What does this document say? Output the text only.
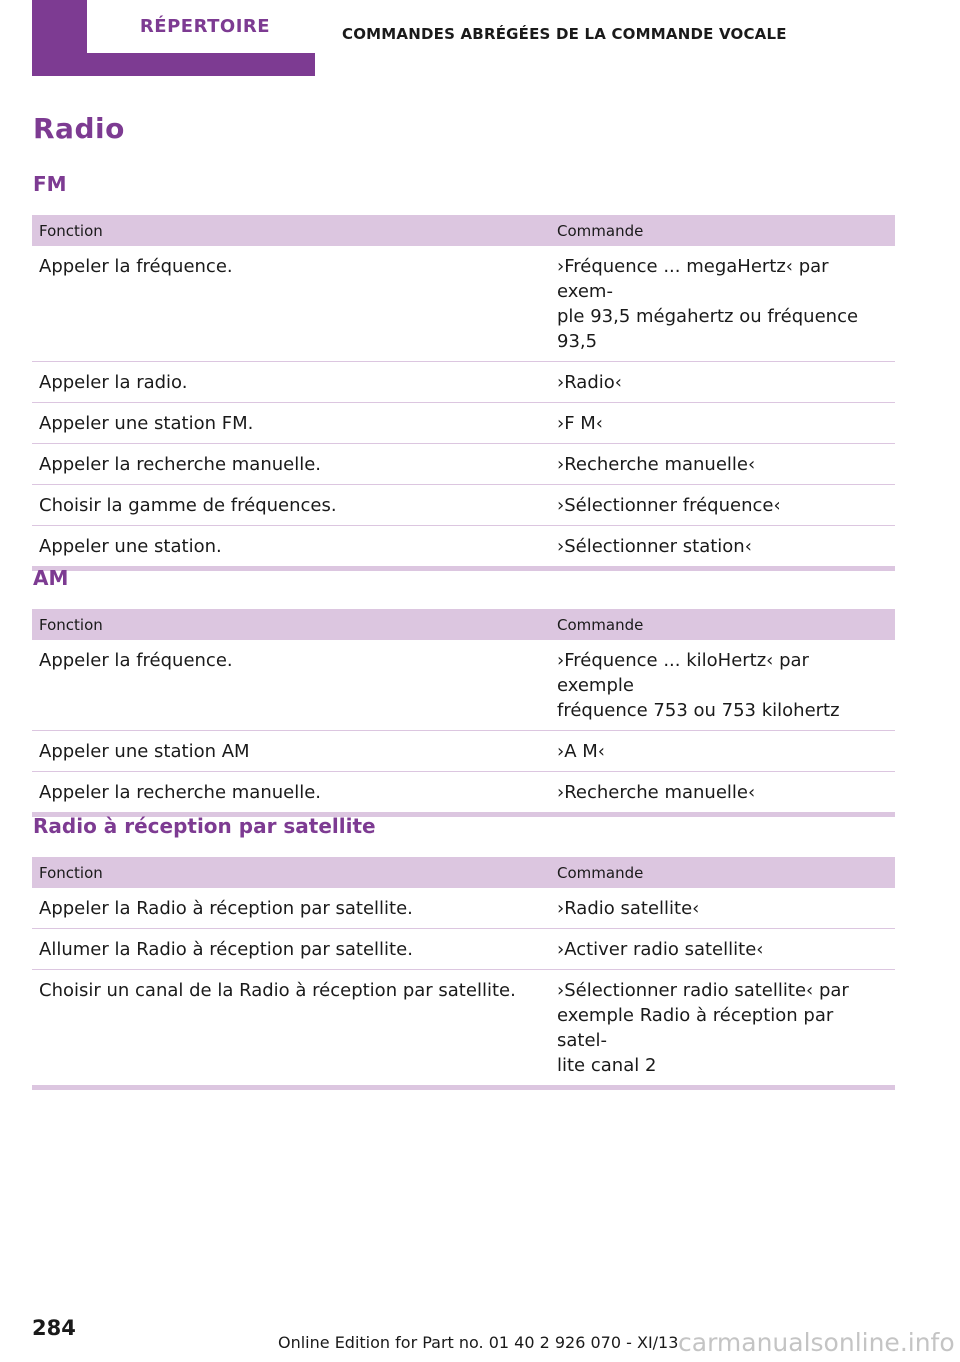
RÉPERTOIRE	COMMANDES ABRÉGÉES DE LA COMMANDE VOCALE
Radio
FM
Fonction	Commande
Appeler la fréquence.	›Fréquence ... megaHertz‹ par exem-
ple 93,5 mégahertz ou fréquence
93,5
Appeler la radio.	›Radio‹
Appeler une station FM.	›F M‹
Appeler la recherche manuelle.	›Recherche manuelle‹
Choisir la gamme de fréquences.	›Sélectionner fréquence‹
Appeler une station.	›Sélectionner station‹
AM
Fonction	Commande
Appeler la fréquence.	›Fréquence ... kiloHertz‹ par exemple
fréquence 753 ou 753 kilohertz
Appeler une station AM	›A M‹
Appeler la recherche manuelle.	›Recherche manuelle‹
Radio à réception par satellite
Fonction	Commande
Appeler la Radio à réception par satellite.	›Radio satellite‹
Allumer la Radio à réception par satellite.	›Activer radio satellite‹
Choisir un canal de la Radio à réception par satellite.	›Sélectionner radio satellite‹ par
exemple Radio à réception par satel-
lite canal 2
284
Online Edition for Part no. 01 40 2 926 070 - XI/13 carmanualsonline.info
